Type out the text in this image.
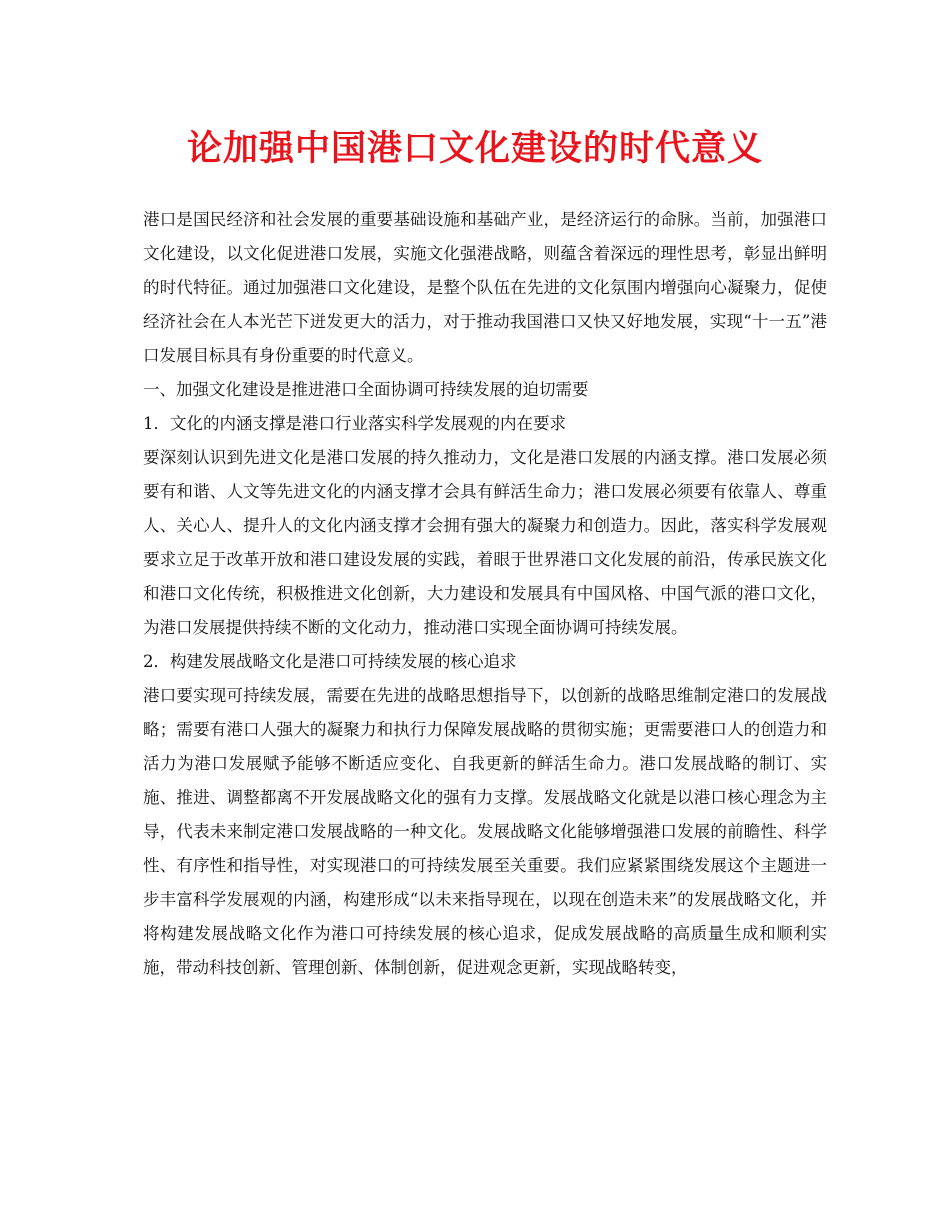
论加强中国港口文化建设的时代意义

港口是国民经济和社会发展的重要基础设施和基础产业，是经济运行的命脉。当前，加强港口文化建设，以文化促进港口发展，实施文化强港战略，则蕴含着深远的理性思考，彰显出鲜明的时代特征。通过加强港口文化建设，是整个队伍在先进的文化氛围内增强向心凝聚力，促使经济社会在人本光芒下迸发更大的活力，对于推动我国港口又快又好地发展，实现“十一五”港口发展目标具有身份重要的时代意义。

一、加强文化建设是推进港口全面协调可持续发展的迫切需要

1．文化的内涵支撑是港口行业落实科学发展观的内在要求

要深刻认识到先进文化是港口发展的持久推动力，文化是港口发展的内涵支撑。港口发展必须要有和谐、人文等先进文化的内涵支撑才会具有鲜活生命力；港口发展必须要有依靠人、尊重人、关心人、提升人的文化内涵支撑才会拥有强大的凝聚力和创造力。因此，落实科学发展观要求立足于改革开放和港口建设发展的实践，着眼于世界港口文化发展的前沿，传承民族文化和港口文化传统，积极推进文化创新，大力建设和发展具有中国风格、中国气派的港口文化，为港口发展提供持续不断的文化动力，推动港口实现全面协调可持续发展。

2．构建发展战略文化是港口可持续发展的核心追求

港口要实现可持续发展，需要在先进的战略思想指导下，以创新的战略思维制定港口的发展战略；需要有港口人强大的凝聚力和执行力保障发展战略的贯彻实施；更需要港口人的创造力和活力为港口发展赋予能够不断适应变化、自我更新的鲜活生命力。港口发展战略的制订、实施、推进、调整都离不开发展战略文化的强有力支撑。发展战略文化就是以港口核心理念为主导，代表未来制定港口发展战略的一种文化。发展战略文化能够增强港口发展的前瞻性、科学性、有序性和指导性，对实现港口的可持续发展至关重要。我们应紧紧围绕发展这个主题进一步丰富科学发展观的内涵，构建形成“以未来指导现在，以现在创造未来”的发展战略文化，并将构建发展战略文化作为港口可持续发展的核心追求，促成发展战略的高质量生成和顺利实施，带动科技创新、管理创新、体制创新，促进观念更新，实现战略转变，
